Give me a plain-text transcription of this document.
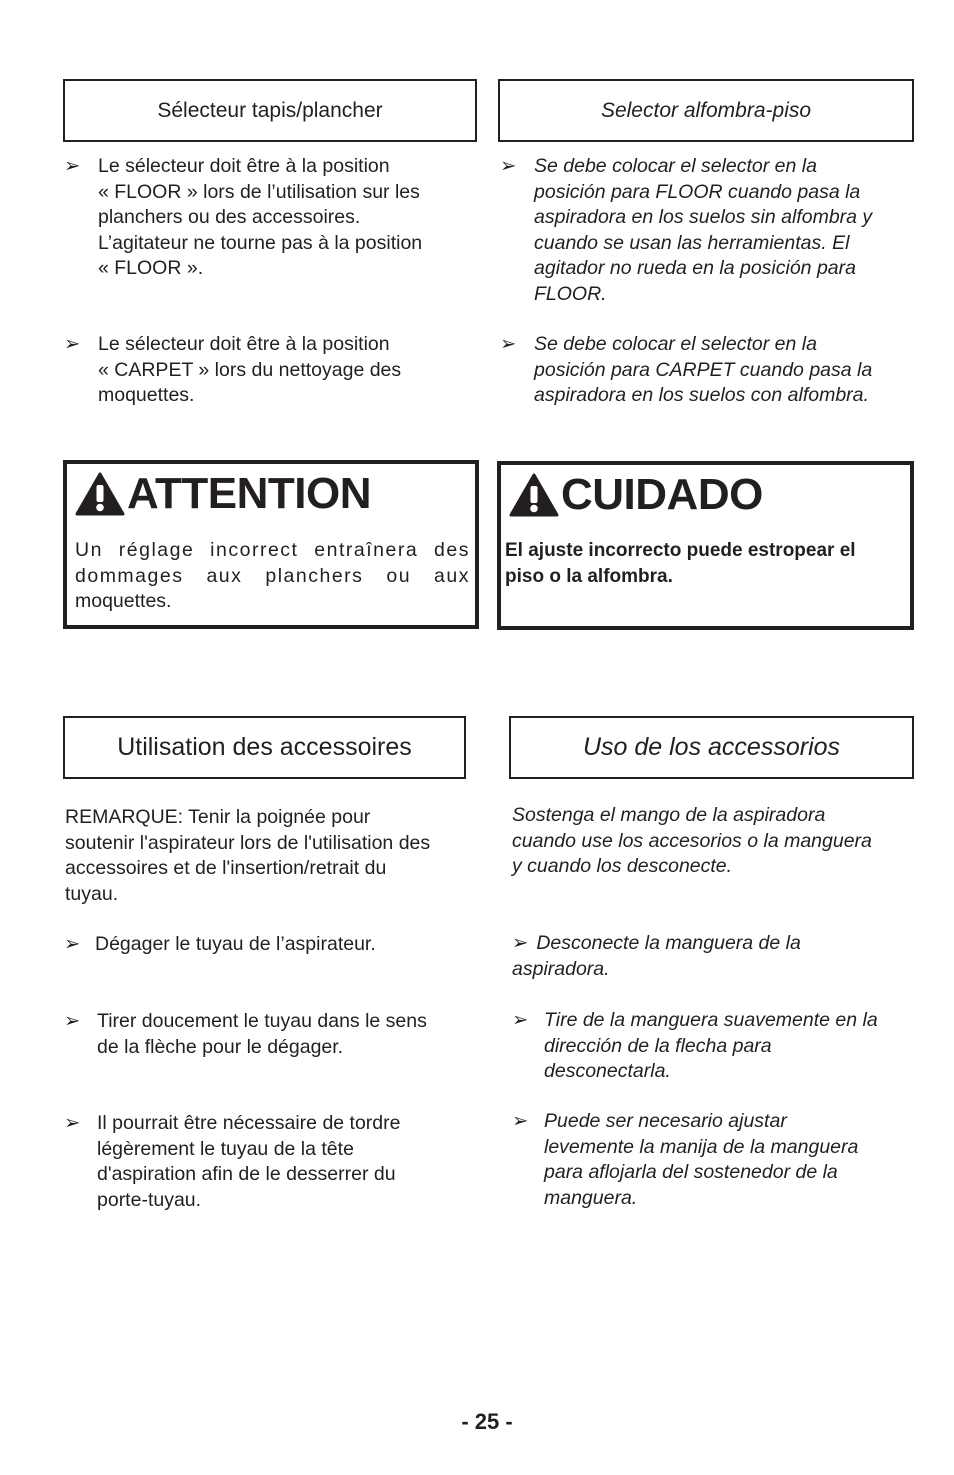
Sélecteur tapis/plancher	Selector alfombra-piso
➢ Le sélecteur doit être à la position
« FLOOR » lors de l’utilisation sur les
planchers ou des accessoires.
L’agitateur ne tourne pas à la position
« FLOOR ».
➢ Le sélecteur doit être à la position
« CARPET » lors du nettoyage des
moquettes.
➢ Se debe colocar el selector en la
posición para FLOOR cuando pasa la
aspiradora en los suelos sin alfombra y
cuando se usan las herramientas. El
agitador no rueda en la posición para
FLOOR.
➢ Se debe colocar el selector en la
posición para CARPET cuando pasa la
aspiradora en los suelos con alfombra.
ATTENTION
Un réglage incorrect entraînera des
dommages aux planchers ou aux
moquettes.
CUIDADO
El ajuste incorrecto puede estropear el
piso o la alfombra.
Utilisation des accessoires	Uso de los accessorios
REMARQUE: Tenir la poignée pour
soutenir l'aspirateur lors de l'utilisation des
accessoires et de l'insertion/retrait du
tuyau.
➢ Dégager le tuyau de l’aspirateur.
➢ Tirer doucement le tuyau dans le sens
de la flèche pour le dégager.
➢ Il pourrait être nécessaire de tordre
légèrement le tuyau de la tête
d'aspiration afin de le desserrer du
porte-tuyau.
Sostenga el mango de la aspiradora
cuando use los accesorios o la manguera
y cuando los desconecte.
➢ Desconecte la manguera de la
aspiradora.
➢ Tire de la manguera suavemente en la
dirección de la flecha para
desconectarla.
➢ Puede ser necesario ajustar
levemente la manija de la manguera
para aflojarla del sostenedor de la
manguera.
- 25 -
